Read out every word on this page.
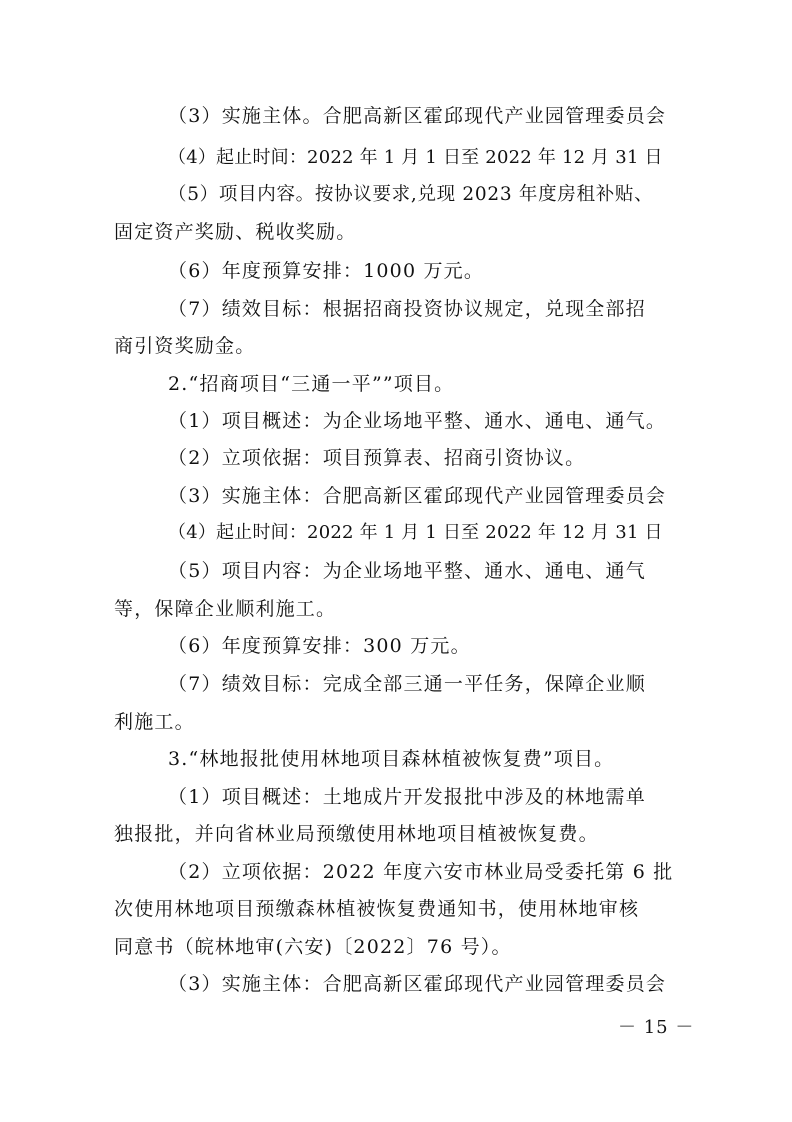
（3）实施主体。合肥高新区霍邱现代产业园管理委员会
（4）起止时间：2022 年 1 月 1 日至 2022 年 12 月 31 日
（5）项目内容。按协议要求,兑现 2023 年度房租补贴、
固定资产奖励、税收奖励。
（6）年度预算安排：1000 万元。
（7）绩效目标：根据招商投资协议规定，兑现全部招
商引资奖励金。
2.“招商项目“三通一平””项目。
（1）项目概述：为企业场地平整、通水、通电、通气。
（2）立项依据：项目预算表、招商引资协议。
（3）实施主体：合肥高新区霍邱现代产业园管理委员会
（4）起止时间：2022 年 1 月 1 日至 2022 年 12 月 31 日
（5）项目内容：为企业场地平整、通水、通电、通气
等，保障企业顺利施工。
（6）年度预算安排：300 万元。
（7）绩效目标：完成全部三通一平任务，保障企业顺
利施工。
3.“林地报批使用林地项目森林植被恢复费”项目。
（1）项目概述：土地成片开发报批中涉及的林地需单
独报批，并向省林业局预缴使用林地项目植被恢复费。
（2）立项依据：2022 年度六安市林业局受委托第 6 批
次使用林地项目预缴森林植被恢复费通知书，使用林地审核
同意书（皖林地审(六安)〔2022〕76 号）。
（3）实施主体：合肥高新区霍邱现代产业园管理委员会
－ 15 －
